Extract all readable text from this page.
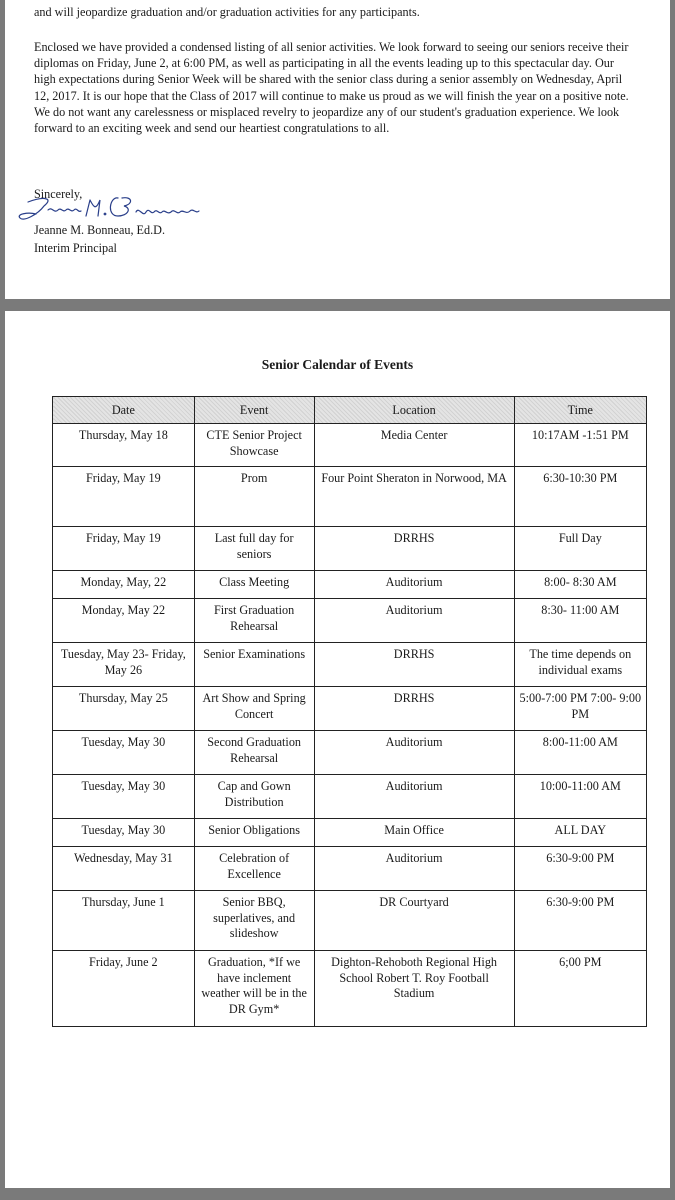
and will jeopardize graduation and/or graduation activities for any participants.
Enclosed we have provided a condensed listing of all senior activities. We look forward to seeing our seniors receive their diplomas on Friday, June 2, at 6:00 PM, as well as participating in all the events leading up to this spectacular day. Our high expectations during Senior Week will be shared with the senior class during a senior assembly on Wednesday, April 12, 2017. It is our hope that the Class of 2017 will continue to make us proud as we will finish the year on a positive note. We do not want any carelessness or misplaced revelry to jeopardize any of our student's graduation experience. We look forward to an exciting week and send our heartiest congratulations to all.
Sincerely,
Jeanne M. Bonneau, Ed.D.
Interim Principal
Senior Calendar of Events
Date	Event	Location	Time
Thursday, May 18	CTE Senior Project Showcase	Media Center	10:17AM -1:51 PM
Friday, May 19	Prom	Four Point Sheraton in Norwood, MA	6:30-10:30 PM
Friday, May 19	Last full day for seniors	DRRHS	Full Day
Monday, May, 22	Class Meeting	Auditorium	8:00- 8:30 AM
Monday, May 22	First Graduation Rehearsal	Auditorium	8:30- 11:00 AM
Tuesday, May 23- Friday, May 26	Senior Examinations	DRRHS	The time depends on individual exams
Thursday, May 25	Art Show and Spring Concert	DRRHS	5:00-7:00 PM 7:00- 9:00 PM
Tuesday, May 30	Second Graduation Rehearsal	Auditorium	8:00-11:00 AM
Tuesday, May 30	Cap and Gown Distribution	Auditorium	10:00-11:00 AM
Tuesday, May 30	Senior Obligations	Main Office	ALL DAY
Wednesday, May 31	Celebration of Excellence	Auditorium	6:30-9:00 PM
Thursday, June 1	Senior BBQ, superlatives, and slideshow	DR Courtyard	6:30-9:00 PM
Friday, June 2	Graduation, *If we have inclement weather will be in the DR Gym*	Dighton-Rehoboth Regional High School Robert T. Roy Football Stadium	6;00 PM
